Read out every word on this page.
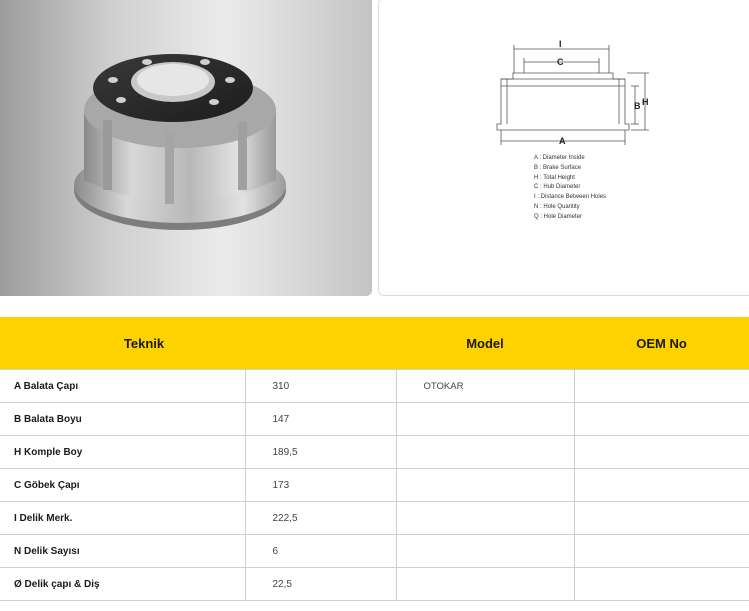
I
C
B H
A
A : Diameter Inside
B : Brake Surface
H : Total Height
C : Hub Diameter
I : Distance Between Holes
N : Hole Quantity
Q : Hole Diameter
Teknik		Model	OEM No
A Balata Çapı	310	OTOKAR	
B Balata Boyu	147		
H Komple Boy	189,5		
C Göbek Çapı	173		
I Delik Merk.	222,5		
N Delik Sayısı	6		
Ø Delik çapı & Diş	22,5		
